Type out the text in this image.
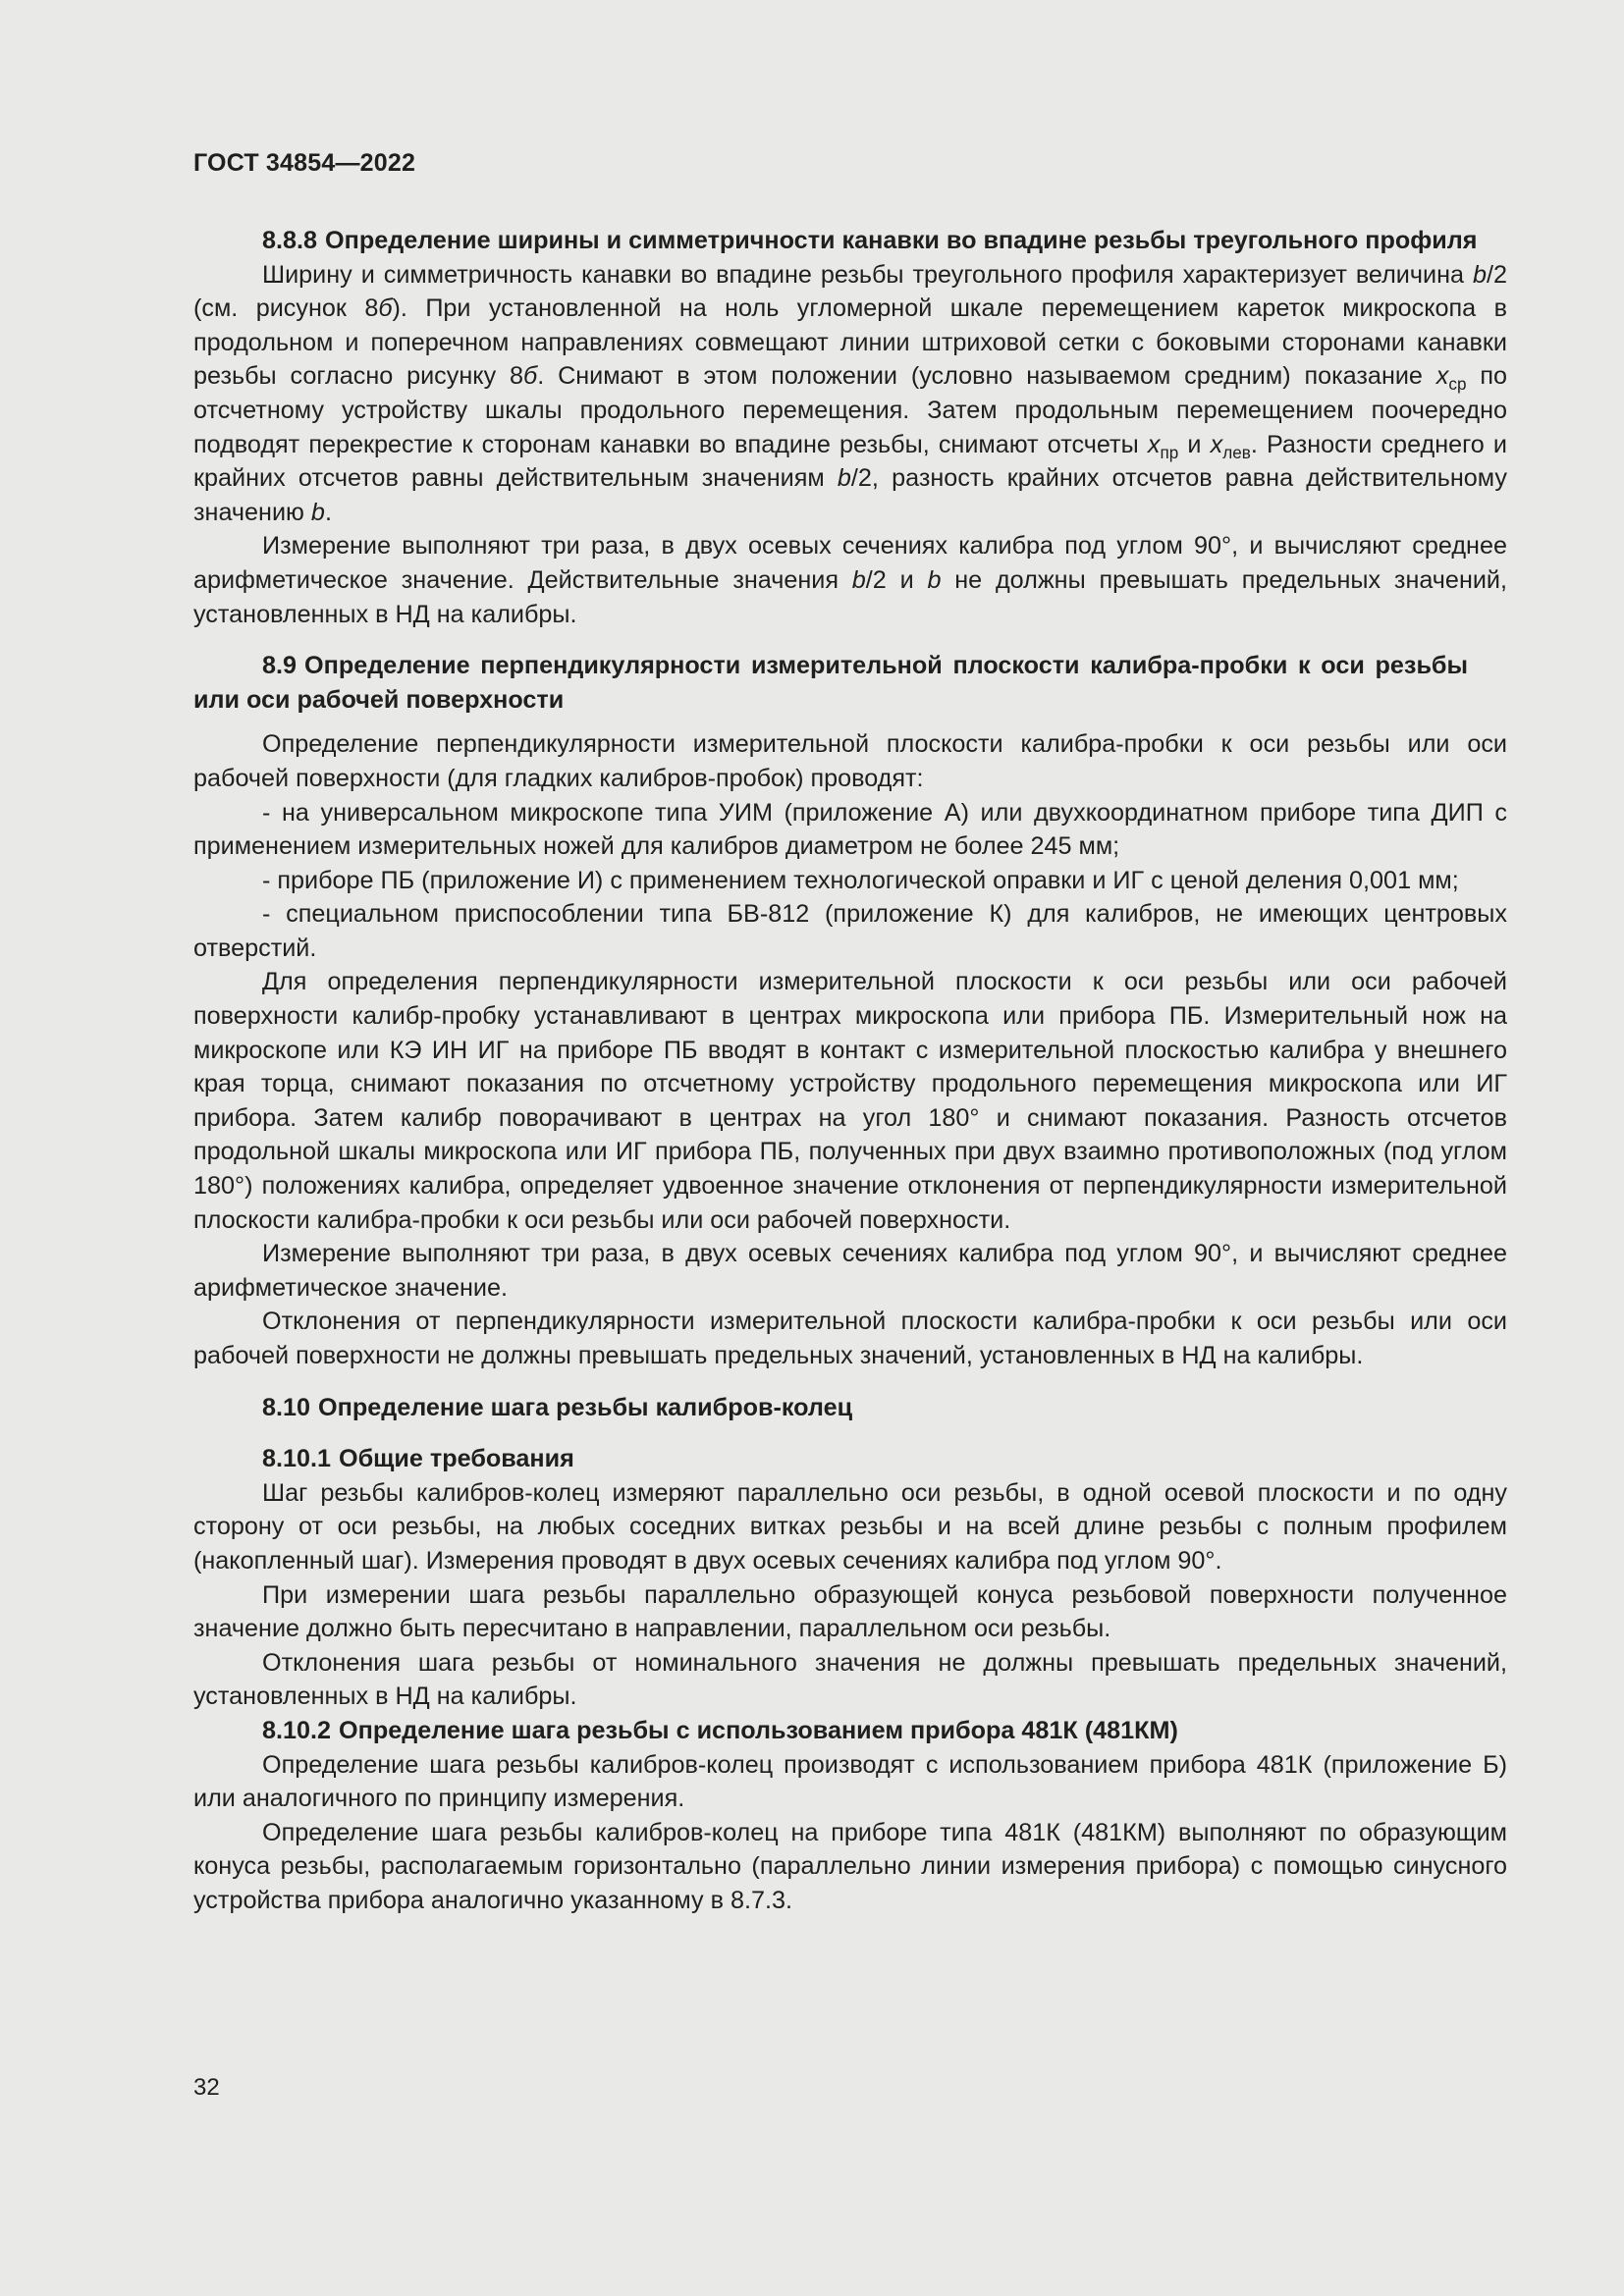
ГОСТ 34854—2022
8.8.8 Определение ширины и симметричности канавки во впадине резьбы треугольного профиля

Ширину и симметричность канавки во впадине резьбы треугольного профиля характеризует величина b/2 (см. рисунок 8б). При установленной на ноль угломерной шкале перемещением кареток микроскопа в продольном и поперечном направлениях совмещают линии штриховой сетки с боковыми сторонами канавки резьбы согласно рисунку 8б. Снимают в этом положении (условно называемом средним) показание $x_{ср}$ по отсчетному устройству шкалы продольного перемещения. Затем продольным перемещением поочередно подводят перекрестие к сторонам канавки во впадине резьбы, снимают отсчеты $x_{пр}$ и $x_{лев}$. Разности среднего и крайних отсчетов равны действительным значениям b/2, разность крайних отсчетов равна действительному значению b.

Измерение выполняют три раза, в двух осевых сечениях калибра под углом 90°, и вычисляют среднее арифметическое значение. Действительные значения b/2 и b не должны превышать предельных значений, установленных в НД на калибры.

8.9 Определение перпендикулярности измерительной плоскости калибра-пробки к оси резьбы или оси рабочей поверхности

Определение перпендикулярности измерительной плоскости калибра-пробки к оси резьбы или оси рабочей поверхности (для гладких калибров-пробок) проводят:

- на универсальном микроскопе типа УИМ (приложение А) или двухкоординатном приборе типа ДИП с применением измерительных ножей для калибров диаметром не более 245 мм;

- приборе ПБ (приложение И) с применением технологической оправки и ИГ с ценой деления 0,001 мм;

- специальном приспособлении типа БВ-812 (приложение К) для калибров, не имеющих центровых отверстий.

Для определения перпендикулярности измерительной плоскости к оси резьбы или оси рабочей поверхности калибр-пробку устанавливают в центрах микроскопа или прибора ПБ. Измерительный нож на микроскопе или КЭ ИН ИГ на приборе ПБ вводят в контакт с измерительной плоскостью калибра у внешнего края торца, снимают показания по отсчетному устройству продольного перемещения микроскопа или ИГ прибора. Затем калибр поворачивают в центрах на угол 180° и снимают показания. Разность отсчетов продольной шкалы микроскопа или ИГ прибора ПБ, полученных при двух взаимно противоположных (под углом 180°) положениях калибра, определяет удвоенное значение отклонения от перпендикулярности измерительной плоскости калибра-пробки к оси резьбы или оси рабочей поверхности.

Измерение выполняют три раза, в двух осевых сечениях калибра под углом 90°, и вычисляют среднее арифметическое значение.

Отклонения от перпендикулярности измерительной плоскости калибра-пробки к оси резьбы или оси рабочей поверхности не должны превышать предельных значений, установленных в НД на калибры.

8.10 Определение шага резьбы калибров-колец
8.10.1 Общие требования

Шаг резьбы калибров-колец измеряют параллельно оси резьбы, в одной осевой плоскости и по одну сторону от оси резьбы, на любых соседних витках резьбы и на всей длине резьбы с полным профилем (накопленный шаг). Измерения проводят в двух осевых сечениях калибра под углом 90°.

При измерении шага резьбы параллельно образующей конуса резьбовой поверхности полученное значение должно быть пересчитано в направлении, параллельном оси резьбы.

Отклонения шага резьбы от номинального значения не должны превышать предельных значений, установленных в НД на калибры.

8.10.2 Определение шага резьбы с использованием прибора 481К (481КМ)

Определение шага резьбы калибров-колец производят с использованием прибора 481К (приложение Б) или аналогичного по принципу измерения.

Определение шага резьбы калибров-колец на приборе типа 481К (481КМ) выполняют по образующим конуса резьбы, располагаемым горизонтально (параллельно линии измерения прибора) с помощью синусного устройства прибора аналогично указанному в 8.7.3.

32
